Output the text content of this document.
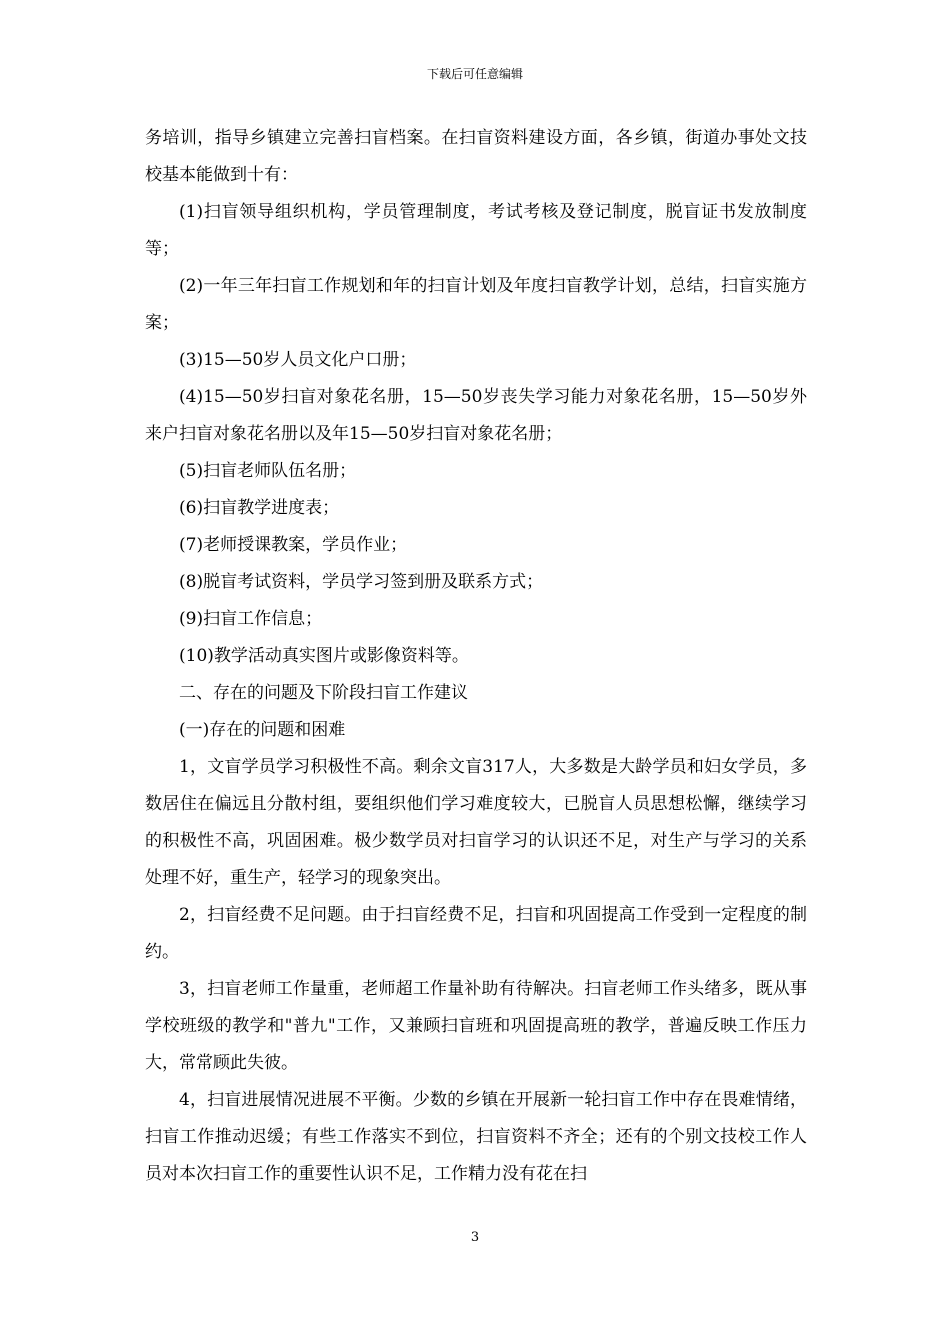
下载后可任意编辑

务培训，指导乡镇建立完善扫盲档案。在扫盲资料建设方面，各乡镇，街道办事处文技校基本能做到十有：

(1)扫盲领导组织机构，学员管理制度，考试考核及登记制度，脱盲证书发放制度等；

(2)一年三年扫盲工作规划和年的扫盲计划及年度扫盲教学计划，总结，扫盲实施方案；

(3)15—50岁人员文化户口册；

(4)15—50岁扫盲对象花名册，15—50岁丧失学习能力对象花名册，15—50岁外来户扫盲对象花名册以及年15—50岁扫盲对象花名册；

(5)扫盲老师队伍名册；

(6)扫盲教学进度表；

(7)老师授课教案，学员作业；

(8)脱盲考试资料，学员学习签到册及联系方式；

(9)扫盲工作信息；

(10)教学活动真实图片或影像资料等。

二、存在的问题及下阶段扫盲工作建议

(一)存在的问题和困难

1，文盲学员学习积极性不高。剩余文盲317人，大多数是大龄学员和妇女学员，多数居住在偏远且分散村组，要组织他们学习难度较大，已脱盲人员思想松懈，继续学习的积极性不高，巩固困难。极少数学员对扫盲学习的认识还不足，对生产与学习的关系处理不好，重生产，轻学习的现象突出。

2，扫盲经费不足问题。由于扫盲经费不足，扫盲和巩固提高工作受到一定程度的制约。

3，扫盲老师工作量重，老师超工作量补助有待解决。扫盲老师工作头绪多，既从事学校班级的教学和"普九"工作，又兼顾扫盲班和巩固提高班的教学，普遍反映工作压力大，常常顾此失彼。

4，扫盲进展情况进展不平衡。少数的乡镇在开展新一轮扫盲工作中存在畏难情绪，扫盲工作推动迟缓；有些工作落实不到位，扫盲资料不齐全；还有的个别文技校工作人员对本次扫盲工作的重要性认识不足，工作精力没有花在扫

3
